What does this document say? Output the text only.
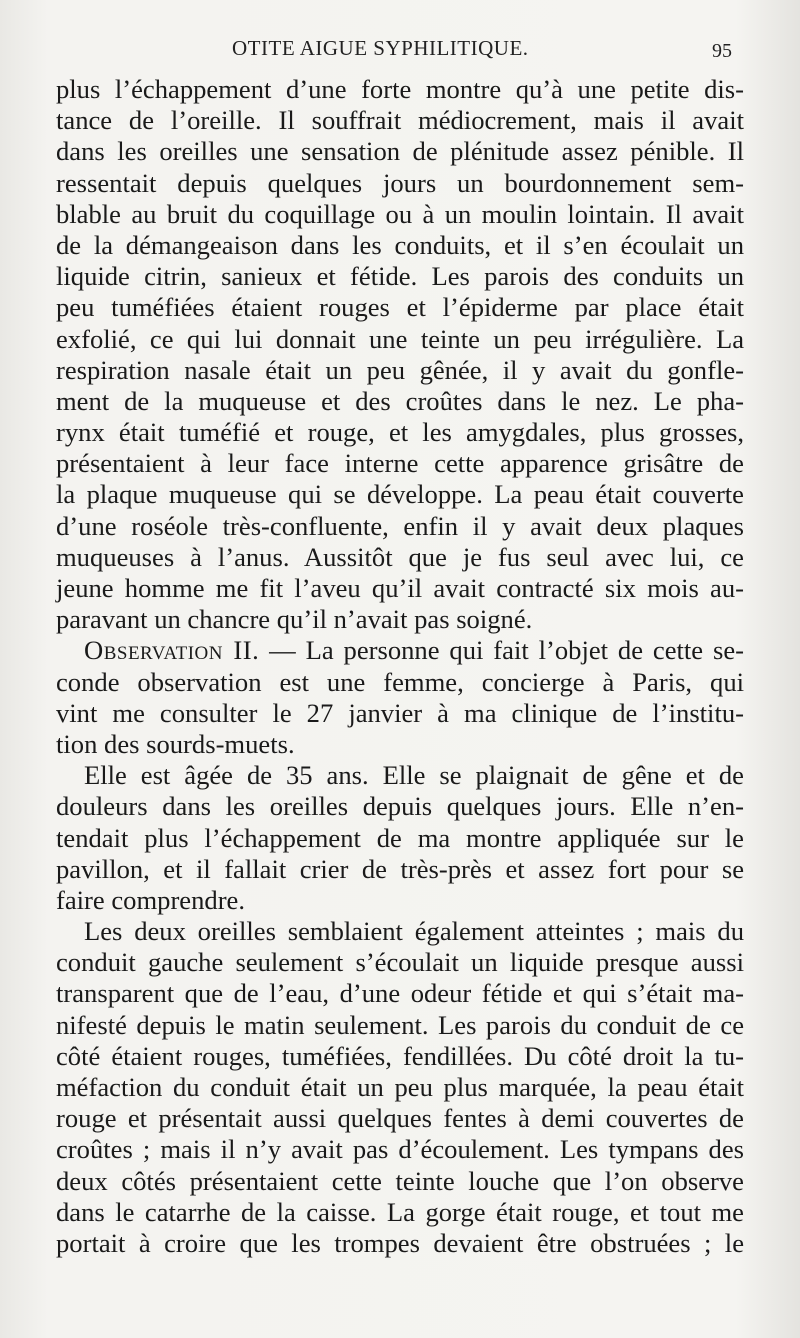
OTITE AIGUE SYPHILITIQUE.	95
plus l’échappement d’une forte montre qu’à une petite dis-
tance de l’oreille. Il souffrait médiocrement, mais il avait
dans les oreilles une sensation de plénitude assez pénible. Il
ressentait depuis quelques jours un bourdonnement sem-
blable au bruit du coquillage ou à un moulin lointain. Il avait
de la démangeaison dans les conduits, et il s’en écoulait un
liquide citrin, sanieux et fétide. Les parois des conduits un
peu tuméfiées étaient rouges et l’épiderme par place était
exfolié, ce qui lui donnait une teinte un peu irrégulière. La
respiration nasale était un peu gênée, il y avait du gonfle-
ment de la muqueuse et des croûtes dans le nez. Le pha-
rynx était tuméfié et rouge, et les amygdales, plus grosses,
présentaient à leur face interne cette apparence grisâtre de
la plaque muqueuse qui se développe. La peau était couverte
d’une roséole très-confluente, enfin il y avait deux plaques
muqueuses à l’anus. Aussitôt que je fus seul avec lui, ce
jeune homme me fit l’aveu qu’il avait contracté six mois au-
paravant un chancre qu’il n’avait pas soigné.
Observation II. — La personne qui fait l’objet de cette se-
conde observation est une femme, concierge à Paris, qui
vint me consulter le 27 janvier à ma clinique de l’institu-
tion des sourds-muets.
Elle est âgée de 35 ans. Elle se plaignait de gêne et de
douleurs dans les oreilles depuis quelques jours. Elle n’en-
tendait plus l’échappement de ma montre appliquée sur le
pavillon, et il fallait crier de très-près et assez fort pour se
faire comprendre.
Les deux oreilles semblaient également atteintes ; mais du
conduit gauche seulement s’écoulait un liquide presque aussi
transparent que de l’eau, d’une odeur fétide et qui s’était ma-
nifesté depuis le matin seulement. Les parois du conduit de ce
côté étaient rouges, tuméfiées, fendillées. Du côté droit la tu-
méfaction du conduit était un peu plus marquée, la peau était
rouge et présentait aussi quelques fentes à demi couvertes de
croûtes ; mais il n’y avait pas d’écoulement. Les tympans des
deux côtés présentaient cette teinte louche que l’on observe
dans le catarrhe de la caisse. La gorge était rouge, et tout me
portait à croire que les trompes devaient être obstruées ; le
